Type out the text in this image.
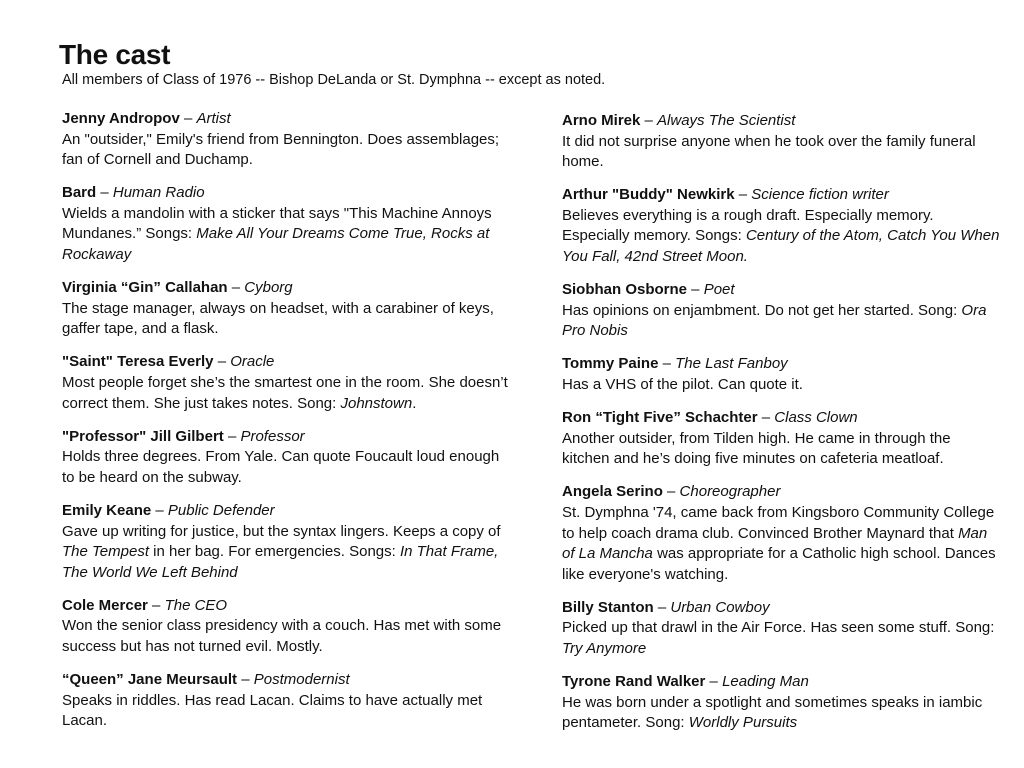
The cast

All members of Class of 1976 -- Bishop DeLanda or St. Dymphna -- except as noted.

Jenny Andropov – Artist
An "outsider," Emily's friend from Bennington. Does assemblages; fan of Cornell and Duchamp.
Bard – Human Radio
Wields a mandolin with a sticker that says "This Machine Annoys Mundanes.” Songs: Make All Your Dreams Come True, Rocks at Rockaway
Virginia “Gin” Callahan – Cyborg
The stage manager, always on headset, with a carabiner of keys, gaffer tape, and a flask.
"Saint" Teresa Everly – Oracle
Most people forget she’s the smartest one in the room. She doesn’t correct them. She just takes notes. Song: Johnstown.
"Professor" Jill Gilbert – Professor
Holds three degrees. From Yale. Can quote Foucault loud enough to be heard on the subway.
Emily Keane – Public Defender
Gave up writing for justice, but the syntax lingers. Keeps a copy of The Tempest in her bag. For emergencies. Songs: In That Frame, The World We Left Behind
Cole Mercer – The CEO
Won the senior class presidency with a couch. Has met with some success but has not turned evil. Mostly.
“Queen” Jane Meursault – Postmodernist
Speaks in riddles. Has read Lacan. Claims to have actually met Lacan.
Arno Mirek – Always The Scientist
It did not surprise anyone when he took over the family funeral home.
Arthur "Buddy" Newkirk – Science fiction writer
Believes everything is a rough draft. Especially memory. Especially memory. Songs: Century of the Atom, Catch You When You Fall, 42nd Street Moon.
Siobhan Osborne – Poet
Has opinions on enjambment. Do not get her started. Song: Ora Pro Nobis
Tommy Paine – The Last Fanboy
Has a VHS of the pilot. Can quote it.
Ron “Tight Five” Schachter – Class Clown
Another outsider, from Tilden high. He came in through the kitchen and he’s doing five minutes on cafeteria meatloaf.
Angela Serino – Choreographer
St. Dymphna '74, came back from Kingsboro Community College to help coach drama club. Convinced Brother Maynard that Man of La Mancha was appropriate for a Catholic high school. Dances like everyone's watching.
Billy Stanton – Urban Cowboy
Picked up that drawl in the Air Force. Has seen some stuff. Song: Try Anymore
Tyrone Rand Walker – Leading Man
He was born under a spotlight and sometimes speaks in iambic pentameter. Song: Worldly Pursuits
